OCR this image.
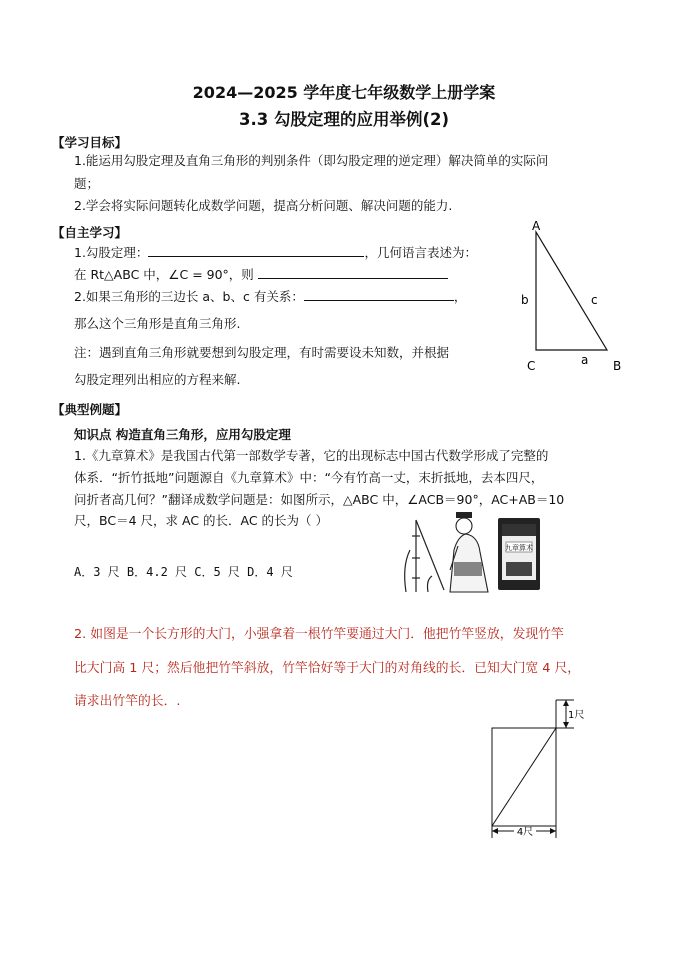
2024—2025 学年度七年级数学上册学案
3.3 勾股定理的应用举例(2)
【学习目标】
1.能运用勾股定理及直角三角形的判别条件（即勾股定理的逆定理）解决简单的实际问
题；
2.学会将实际问题转化成数学问题，提高分析问题、解决问题的能力.
【自主学习】
1.勾股定理：	，几何语言表述为：
在 Rt△ABC 中，∠C = 90°，则
2.如果三角形的三边长 a、b、c 有关系：	，
那么这个三角形是直角三角形.
注：遇到直角三角形就要想到勾股定理，有时需要设未知数，并根据
勾股定理列出相应的方程来解.
A
C	B
b	c
a
【典型例题】
知识点 构造直角三角形，应用勾股定理
1.《九章算术》是我国古代第一部数学专著，它的出现标志中国古代数学形成了完整的
体系．“折竹抵地”问题源自《九章算术》中：“今有竹高一丈，末折抵地，去本四尺，
问折者高几何？”翻译成数学问题是：如图所示，△ABC 中，∠ACB＝90°，AC+AB＝10
尺，BC＝4 尺，求 AC 的长．AC 的长为（ ）
A．3 尺 B．4.2 尺 C．5 尺 D．4 尺
九章算术
2. 如图是一个长方形的大门，小强拿着一根竹竿要通过大门．他把竹竿竖放，发现竹竿
比大门高 1 尺；然后他把竹竿斜放，竹竿恰好等于大门的对角线的长．已知大门宽 4 尺，
请求出竹竿的长．.
1尺
4尺
